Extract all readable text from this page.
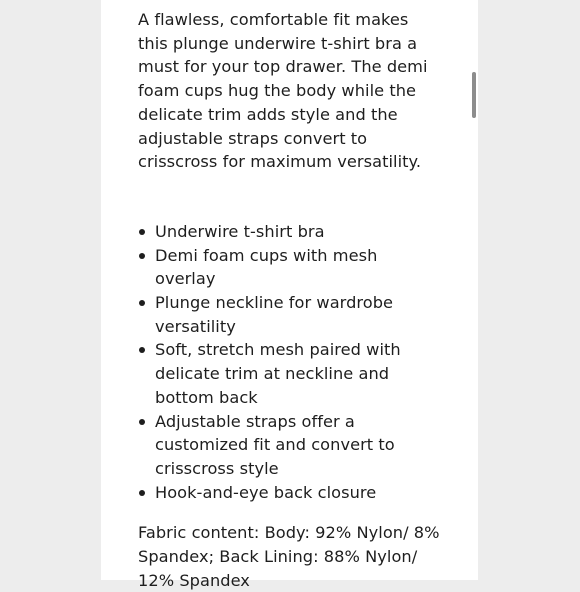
A flawless, comfortable fit makes this plunge underwire t-shirt bra a must for your top drawer. The demi foam cups hug the body while the delicate trim adds style and the adjustable straps convert to crisscross for maximum versatility.

Underwire t-shirt bra
Demi foam cups with mesh overlay
Plunge neckline for wardrobe versatility
Soft, stretch mesh paired with delicate trim at neckline and bottom back
Adjustable straps offer a customized fit and convert to crisscross style
Hook-and-eye back closure

Fabric content: Body: 92% Nylon/ 8% Spandex; Back Lining: 88% Nylon/ 12% Spandex
